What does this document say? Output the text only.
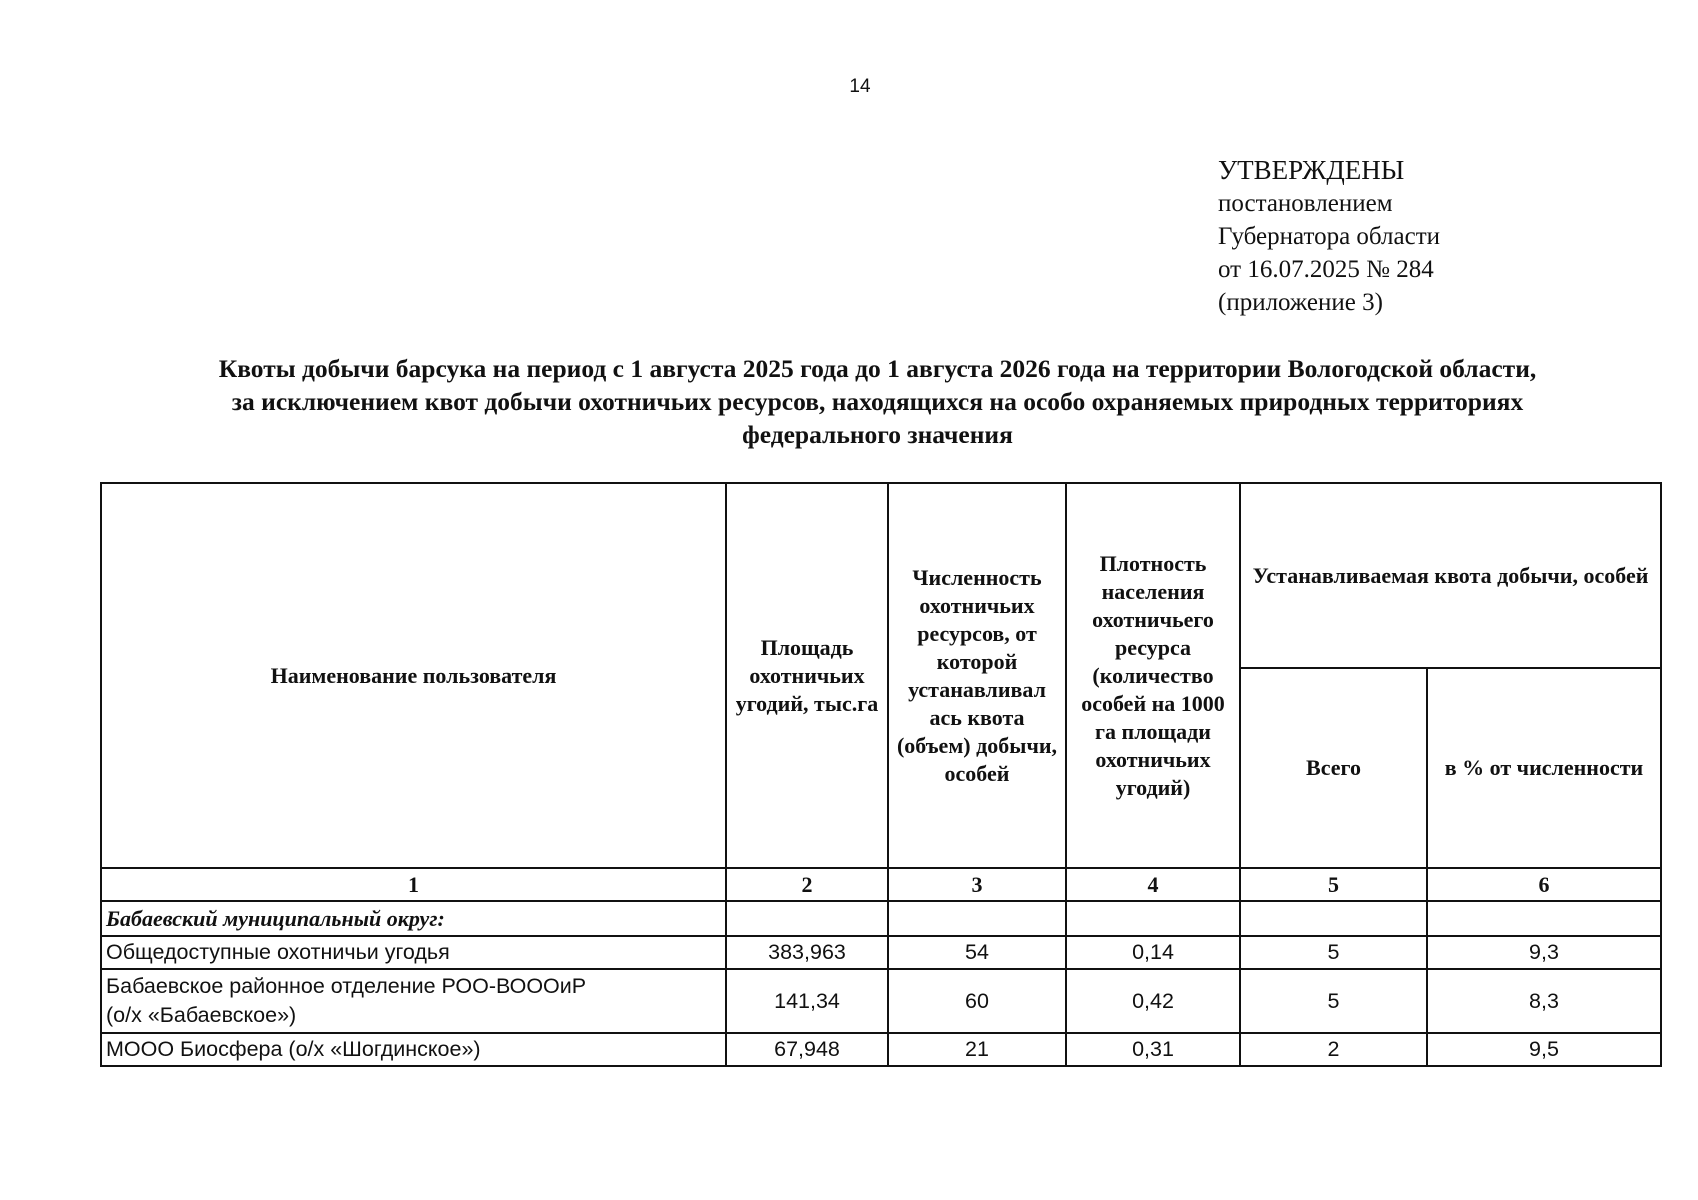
14
УТВЕРЖДЕНЫ
постановлением
Губернатора области
от 16.07.2025 № 284
(приложение 3)
Квоты добычи барсука на период с 1 августа 2025 года до 1 августа 2026 года на территории Вологодской области,
за исключением квот добычи охотничьих ресурсов, находящихся на особо охраняемых природных территориях
федерального значения
Наименование пользователя	Площадь охотничьих угодий, тыс.га	Численность охотничьих ресурсов, от которой устанавливал ась квота (объем) добычи, особей	Плотность населения охотничьего ресурса (количество особей на 1000 га площади охотничьих угодий)	Устанавливаемая квота добычи, особей	
				Всего	в % от численности
1	2	3	4	5	6
Бабаевский муниципальный округ:					
Общедоступные охотничьи угодья	383,963	54	0,14	5	9,3

Бабаевское районное отделение РОО-ВОООиР
(о/х «Бабаевское»)	141,34	60	0,42	5	8,3
МООО Биосфера (о/х «Шогдинское»)	67,948	21	0,31	2	9,5
